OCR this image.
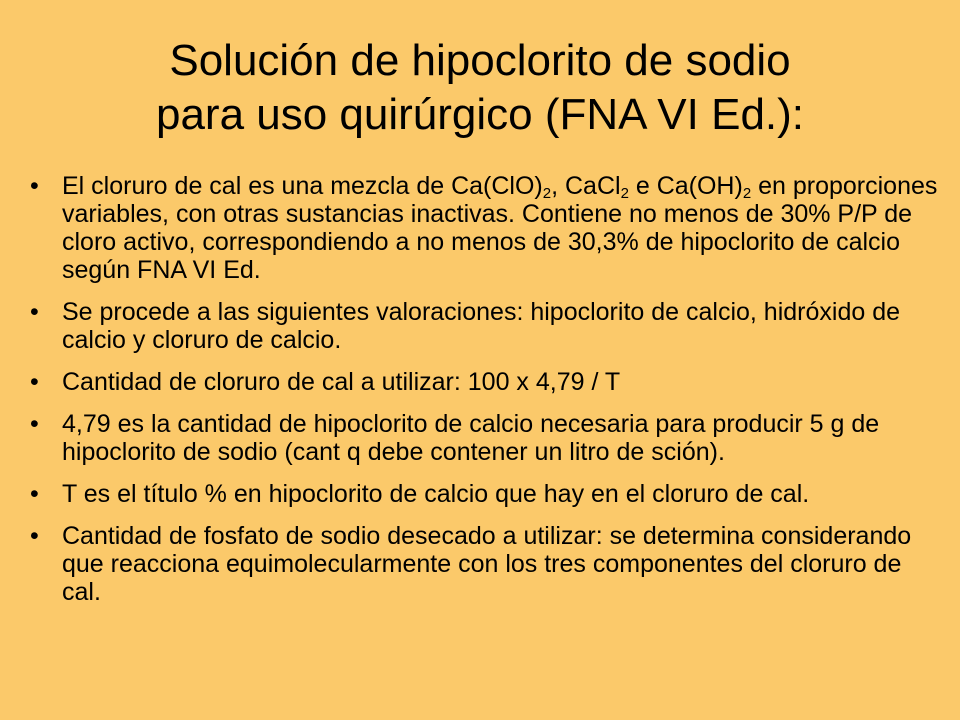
Solución de hipoclorito de sodio
para uso quirúrgico (FNA VI Ed.):
• El cloruro de cal es una mezcla de $Ca(ClO)_2$, CaCl$_2$ e $Ca(OH)_2$ en proporciones variables, con otras sustancias inactivas. Contiene no menos de 30% P/P de cloro activo, correspondiendo a no menos de 30,3% de hipoclorito de calcio según FNA VI Ed.
• Se procede a las siguientes valoraciones: hipoclorito de calcio, hidróxido de calcio y cloruro de calcio.
• Cantidad de cloruro de cal a utilizar: 100 x 4,79 / T
• 4,79 es la cantidad de hipoclorito de calcio necesaria para producir 5 g de hipoclorito de sodio (cant q debe contener un litro de sción).
• T es el título % en hipoclorito de calcio que hay en el cloruro de cal.
• Cantidad de fosfato de sodio desecado a utilizar: se determina considerando que reacciona equimolecularmente con los tres componentes del cloruro de cal.
